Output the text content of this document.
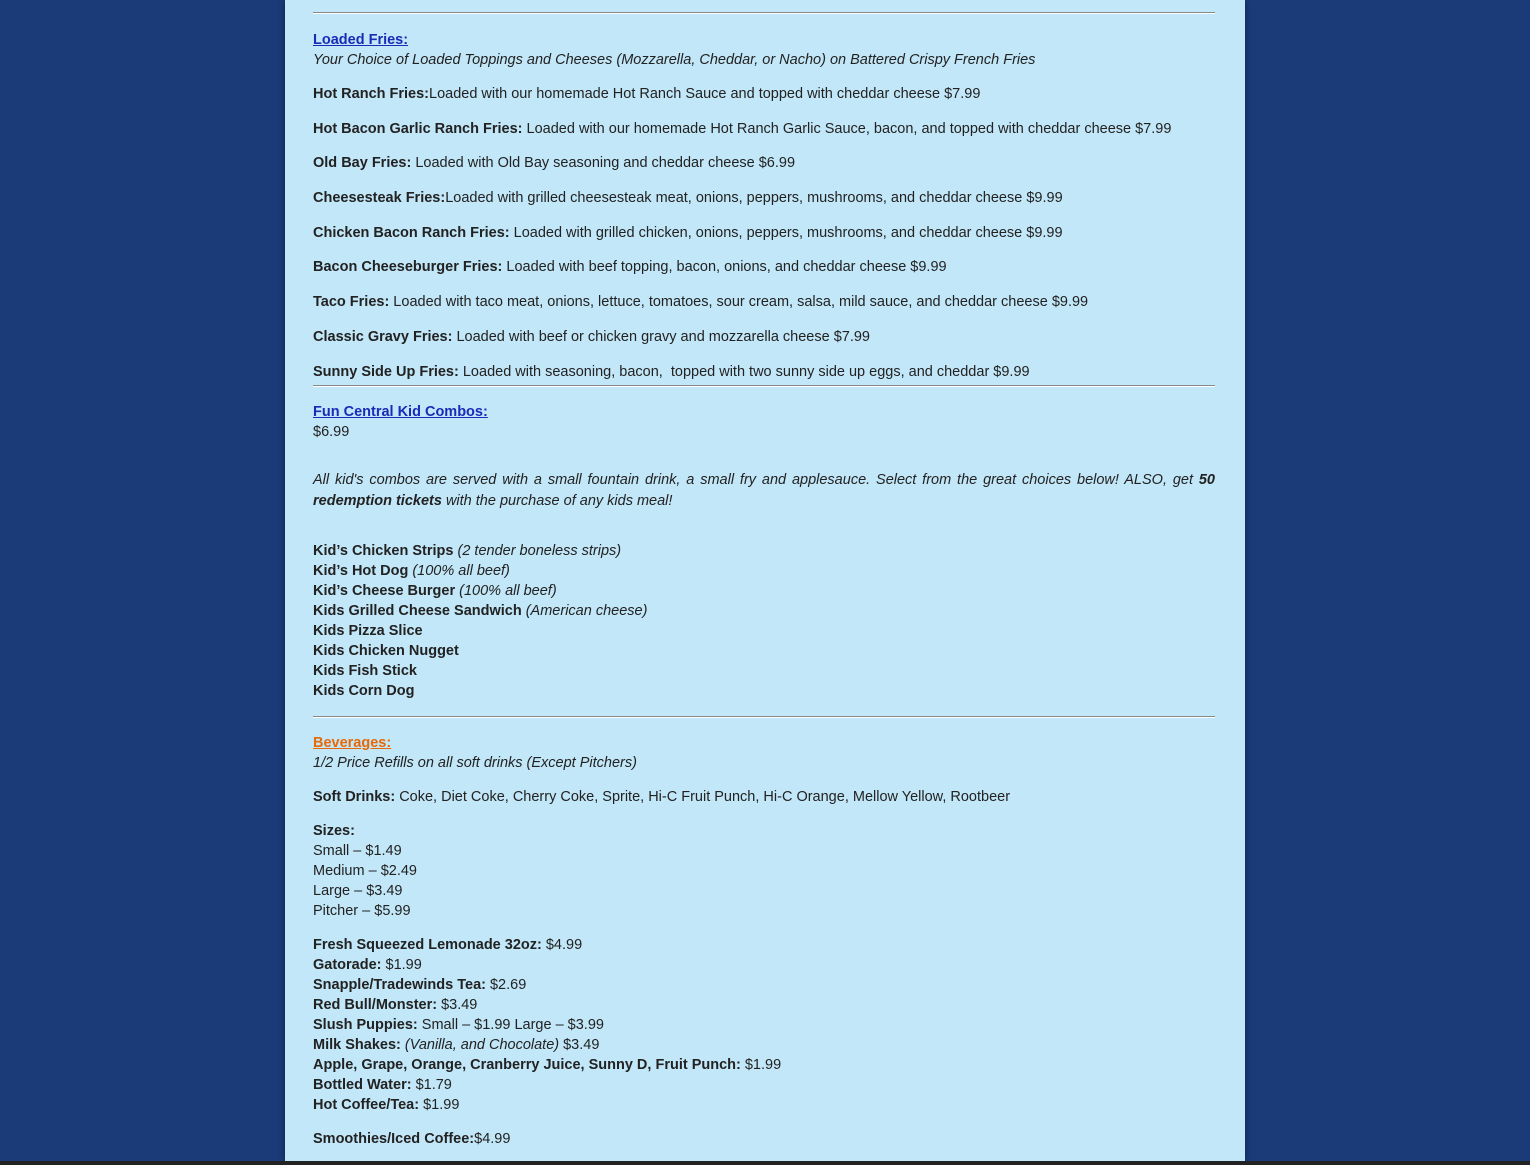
Loaded Fries:

Your Choice of Loaded Toppings and Cheeses (Mozzarella, Cheddar, or Nacho) on Battered Crispy French Fries

Hot Ranch Fries:Loaded with our homemade Hot Ranch Sauce and topped with cheddar cheese $7.99

Hot Bacon Garlic Ranch Fries: Loaded with our homemade Hot Ranch Garlic Sauce, bacon, and topped with cheddar cheese $7.99

Old Bay Fries: Loaded with Old Bay seasoning and cheddar cheese $6.99

Cheesesteak Fries:Loaded with grilled cheesesteak meat, onions, peppers, mushrooms, and cheddar cheese $9.99

Chicken Bacon Ranch Fries: Loaded with grilled chicken, onions, peppers, mushrooms, and cheddar cheese $9.99

Bacon Cheeseburger Fries: Loaded with beef topping, bacon, onions, and cheddar cheese $9.99

Taco Fries: Loaded with taco meat, onions, lettuce, tomatoes, sour cream, salsa, mild sauce, and cheddar cheese $9.99

Classic Gravy Fries: Loaded with beef or chicken gravy and mozzarella cheese $7.99

Sunny Side Up Fries: Loaded with seasoning, bacon,  topped with two sunny side up eggs, and cheddar $9.99

Fun Central Kid Combos:

$6.99

All kid's combos are served with a small fountain drink, a small fry and applesauce. Select from the great choices below! ALSO, get 50 redemption tickets with the purchase of any kids meal!

Kid’s Chicken Strips (2 tender boneless strips)

Kid’s Hot Dog (100% all beef)

Kid’s Cheese Burger (100% all beef)

Kids Grilled Cheese Sandwich (American cheese)

Kids Pizza Slice

Kids Chicken Nugget

Kids Fish Stick

Kids Corn Dog

Beverages:

1/2 Price Refills on all soft drinks (Except Pitchers)

Soft Drinks: Coke, Diet Coke, Cherry Coke, Sprite, Hi-C Fruit Punch, Hi-C Orange, Mellow Yellow, Rootbeer

Sizes:

Small – $1.49

Medium – $2.49

Large – $3.49

Pitcher – $5.99

Fresh Squeezed Lemonade 32oz: $4.99

Gatorade: $1.99

Snapple/Tradewinds Tea: $2.69

Red Bull/Monster: $3.49

Slush Puppies: Small – $1.99 Large – $3.99

Milk Shakes: (Vanilla, and Chocolate) $3.49

Apple, Grape, Orange, Cranberry Juice, Sunny D, Fruit Punch: $1.99

Bottled Water: $1.79

Hot Coffee/Tea: $1.99

Smoothies/Iced Coffee:$4.99
